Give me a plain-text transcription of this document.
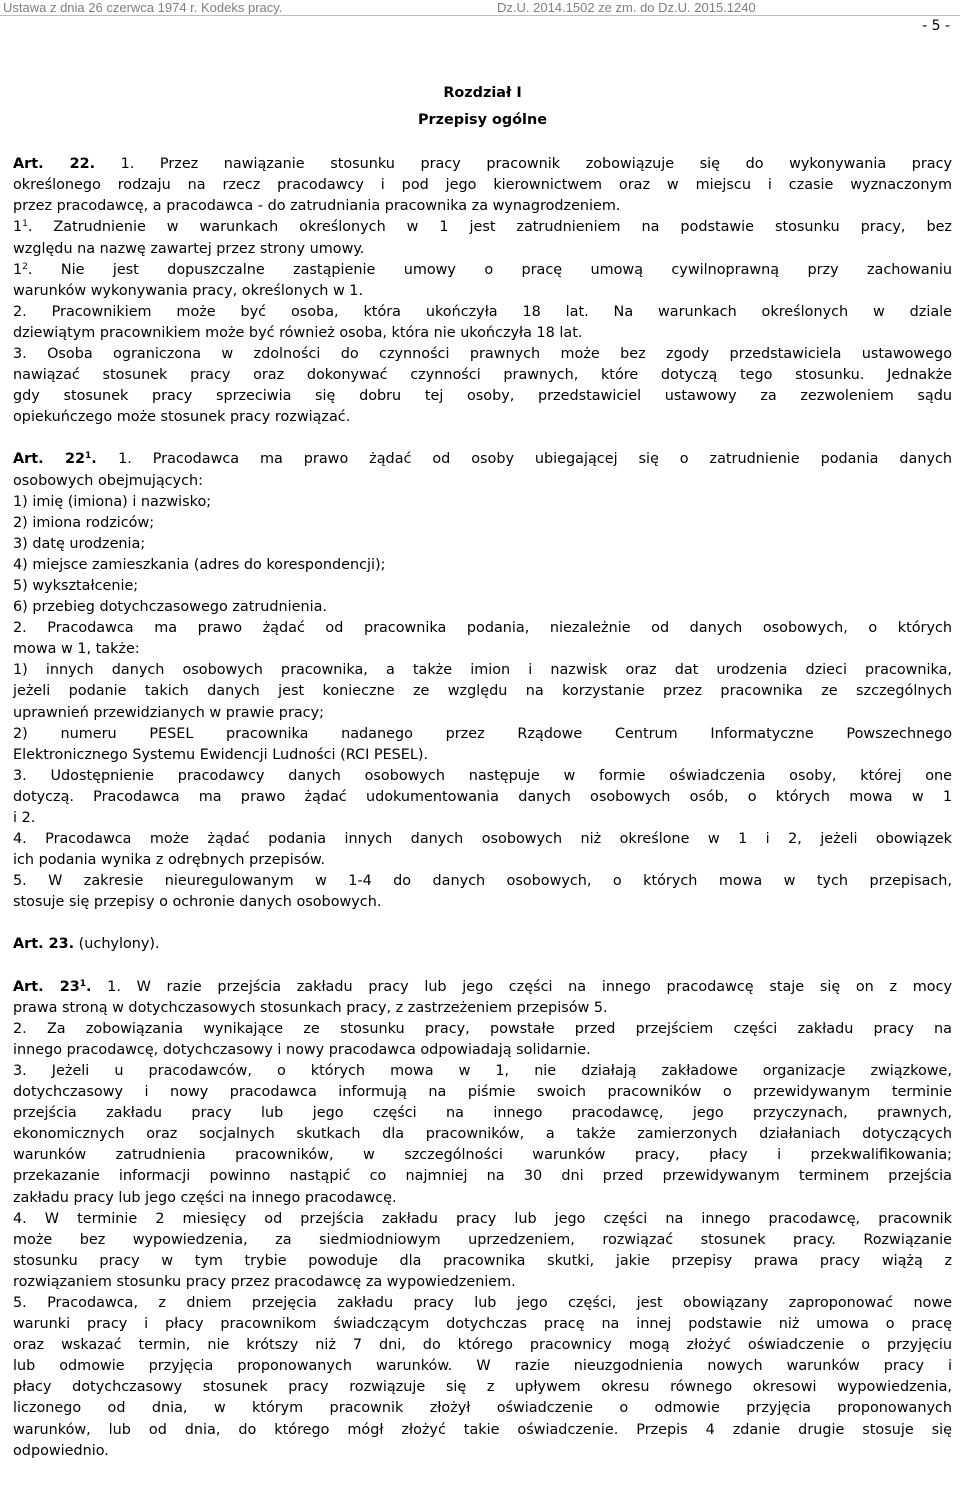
Ustawa z dnia 26 czerwca 1974 r. Kodeks pracy.	Dz.U. 2014.1502 ze zm. do Dz.U. 2015.1240
- 5 -

Rozdział I

Przepisy ogólne

Art. 22. 1. Przez nawiązanie stosunku pracy pracownik zobowiązuje się do wykonywania pracy

określonego rodzaju na rzecz pracodawcy i pod jego kierownictwem oraz w miejscu i czasie wyznaczonym

przez pracodawcę, a pracodawca - do zatrudniania pracownika za wynagrodzeniem.

$1^1$. Zatrudnienie w warunkach określonych w 1 jest zatrudnieniem na podstawie stosunku pracy, bez

względu na nazwę zawartej przez strony umowy.

$1^2$. Nie jest dopuszczalne zastąpienie umowy o pracę umową cywilnoprawną przy zachowaniu

warunków wykonywania pracy, określonych w 1.

2. Pracownikiem może być osoba, która ukończyła 18 lat. Na warunkach określonych w dziale

dziewiątym pracownikiem może być również osoba, która nie ukończyła 18 lat.

3. Osoba ograniczona w zdolności do czynności prawnych może bez zgody przedstawiciela ustawowego

nawiązać stosunek pracy oraz dokonywać czynności prawnych, które dotyczą tego stosunku. Jednakże

gdy stosunek pracy sprzeciwia się dobru tej osoby, przedstawiciel ustawowy za zezwoleniem sądu

opiekuńczego może stosunek pracy rozwiązać.

Art. $22^1$. 1. Pracodawca ma prawo żądać od osoby ubiegającej się o zatrudnienie podania danych

osobowych obejmujących:

1) imię (imiona) i nazwisko;

2) imiona rodziców;

3) datę urodzenia;

4) miejsce zamieszkania (adres do korespondencji);

5) wykształcenie;

6) przebieg dotychczasowego zatrudnienia.

2. Pracodawca ma prawo żądać od pracownika podania, niezależnie od danych osobowych, o których

mowa w 1, także:

1) innych danych osobowych pracownika, a także imion i nazwisk oraz dat urodzenia dzieci pracownika,

jeżeli podanie takich danych jest konieczne ze względu na korzystanie przez pracownika ze szczególnych

uprawnień przewidzianych w prawie pracy;

2) numeru PESEL pracownika nadanego przez Rządowe Centrum Informatyczne Powszechnego

Elektronicznego Systemu Ewidencji Ludności (RCI PESEL).

3. Udostępnienie pracodawcy danych osobowych następuje w formie oświadczenia osoby, której one

dotyczą. Pracodawca ma prawo żądać udokumentowania danych osobowych osób, o których mowa w 1

i 2.

4. Pracodawca może żądać podania innych danych osobowych niż określone w 1 i 2, jeżeli obowiązek

ich podania wynika z odrębnych przepisów.

5. W zakresie nieuregulowanym w 1-4 do danych osobowych, o których mowa w tych przepisach,

stosuje się przepisy o ochronie danych osobowych.

Art. 23. (uchylony).

Art. $23^1$. 1. W razie przejścia zakładu pracy lub jego części na innego pracodawcę staje się on z mocy

prawa stroną w dotychczasowych stosunkach pracy, z zastrzeżeniem przepisów 5.

2. Za zobowiązania wynikające ze stosunku pracy, powstałe przed przejściem części zakładu pracy na

innego pracodawcę, dotychczasowy i nowy pracodawca odpowiadają solidarnie.

3. Jeżeli u pracodawców, o których mowa w 1, nie działają zakładowe organizacje związkowe,

dotychczasowy i nowy pracodawca informują na piśmie swoich pracowników o przewidywanym terminie

przejścia zakładu pracy lub jego części na innego pracodawcę, jego przyczynach, prawnych,

ekonomicznych oraz socjalnych skutkach dla pracowników, a także zamierzonych działaniach dotyczących

warunków zatrudnienia pracowników, w szczególności warunków pracy, płacy i przekwalifikowania;

przekazanie informacji powinno nastąpić co najmniej na 30 dni przed przewidywanym terminem przejścia

zakładu pracy lub jego części na innego pracodawcę.

4. W terminie 2 miesięcy od przejścia zakładu pracy lub jego części na innego pracodawcę, pracownik

może bez wypowiedzenia, za siedmiodniowym uprzedzeniem, rozwiązać stosunek pracy. Rozwiązanie

stosunku pracy w tym trybie powoduje dla pracownika skutki, jakie przepisy prawa pracy wiążą z

rozwiązaniem stosunku pracy przez pracodawcę za wypowiedzeniem.

5. Pracodawca, z dniem przejęcia zakładu pracy lub jego części, jest obowiązany zaproponować nowe

warunki pracy i płacy pracownikom świadczącym dotychczas pracę na innej podstawie niż umowa o pracę

oraz wskazać termin, nie krótszy niż 7 dni, do którego pracownicy mogą złożyć oświadczenie o przyjęciu

lub odmowie przyjęcia proponowanych warunków. W razie nieuzgodnienia nowych warunków pracy i

płacy dotychczasowy stosunek pracy rozwiązuje się z upływem okresu równego okresowi wypowiedzenia,

liczonego od dnia, w którym pracownik złożył oświadczenie o odmowie przyjęcia proponowanych

warunków, lub od dnia, do którego mógł złożyć takie oświadczenie. Przepis 4 zdanie drugie stosuje się

odpowiednio.
